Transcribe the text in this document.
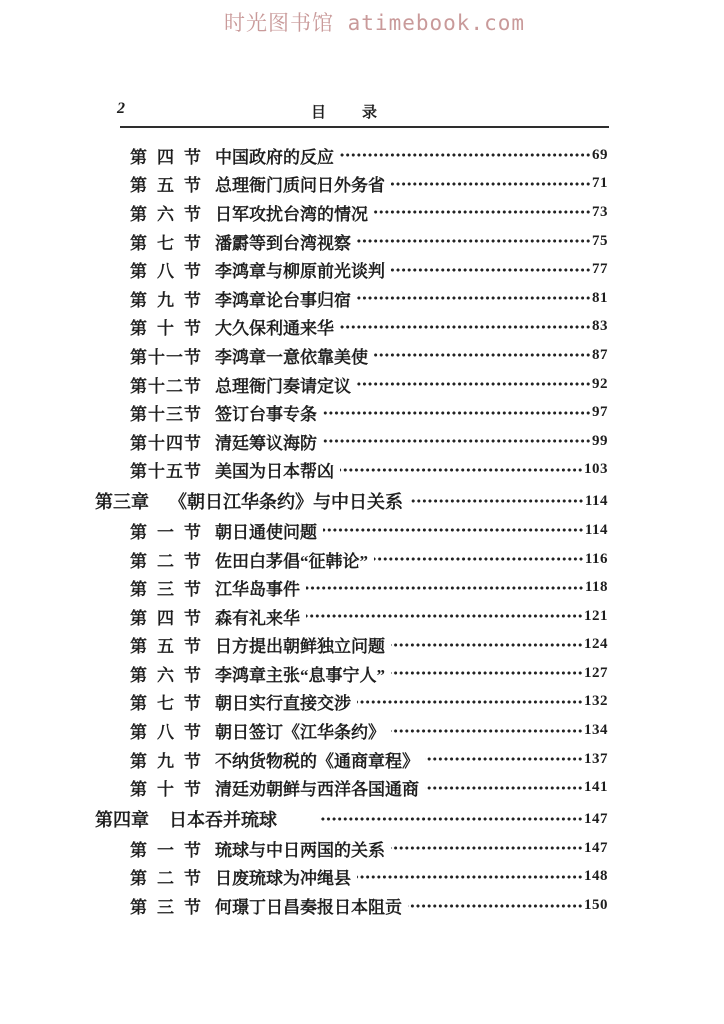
时光图书馆 atimebook.com
2	目　　录
第 四 节 中国政府的反应	69
第 五 节 总理衙门质问日外务省	71
第 六 节 日军攻扰台湾的情况	73
第 七 节 潘霨等到台湾视察	75
第 八 节 李鸿章与柳原前光谈判	77
第 九 节 李鸿章论台事归宿	81
第 十 节 大久保利通来华	83
第十一节 李鸿章一意依靠美使	87
第十二节 总理衙门奏请定议	92
第十三节 签订台事专条	97
第十四节 清廷筹议海防	99
第十五节 美国为日本帮凶	103
第三章 《朝日江华条约》与中日关系	114
第 一 节 朝日通使问题	114
第 二 节 佐田白茅倡“征韩论”	116
第 三 节 江华岛事件	118
第 四 节 森有礼来华	121
第 五 节 日方提出朝鲜独立问题	124
第 六 节 李鸿章主张“息事宁人”	127
第 七 节 朝日实行直接交涉	132
第 八 节 朝日签订《江华条约》	134
第 九 节 不纳货物税的《通商章程》	137
第 十 节 清廷劝朝鲜与西洋各国通商	141
第四章 日本吞并琉球　　	147
第 一 节 琉球与中日两国的关系	147
第 二 节 日废琉球为冲绳县	148
第 三 节 何璟丁日昌奏报日本阻贡	150
